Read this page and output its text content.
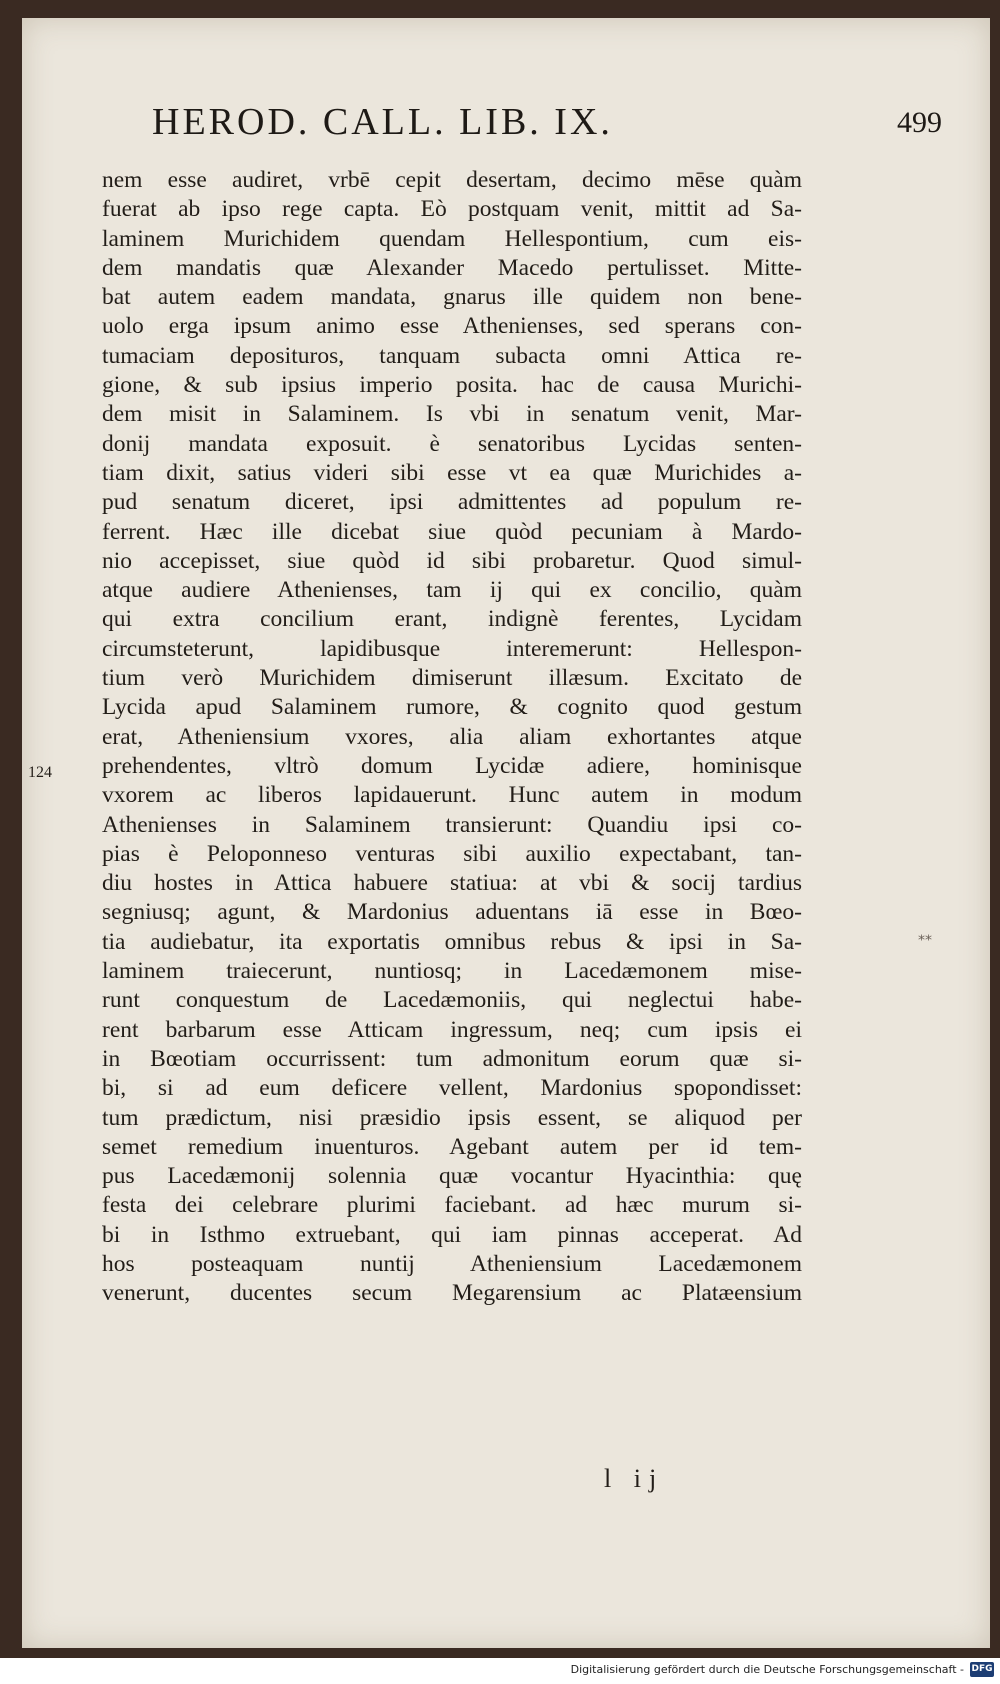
HEROD. CALL. LIB. IX.	499
124
⁎⁎
nem esse audiret, vrbē cepit desertam, decimo mēse quàm
fuerat ab ipso rege capta. Eò postquam venit, mittit ad Sa-
laminem Murichidem quendam Hellespontium, cum eis-
dem mandatis quæ Alexander Macedo pertulisset. Mitte-
bat autem eadem mandata, gnarus ille quidem non bene-
uolo erga ipsum animo esse Athenienses, sed sperans con-
tumaciam deposituros, tanquam subacta omni Attica re-
gione, & sub ipsius imperio posita. hac de causa Murichi-
dem misit in Salaminem. Is vbi in senatum venit, Mar-
donij mandata exposuit. è senatoribus Lycidas senten-
tiam dixit, satius videri sibi esse vt ea quæ Murichides a-
pud senatum diceret, ipsi admittentes ad populum re-
ferrent. Hæc ille dicebat siue quòd pecuniam à Mardo-
nio accepisset, siue quòd id sibi probaretur. Quod simul-
atque audiere Athenienses, tam ij qui ex concilio, quàm
qui extra concilium erant, indignè ferentes, Lycidam
circumsteterunt, lapidibusque interemerunt: Hellespon-
tium verò Murichidem dimiserunt illæsum. Excitato de
Lycida apud Salaminem rumore, & cognito quod gestum
erat, Atheniensium vxores, alia aliam exhortantes atque
prehendentes, vltrò domum Lycidæ adiere, hominisque
vxorem ac liberos lapidauerunt. Hunc autem in modum
Athenienses in Salaminem transierunt: Quandiu ipsi co-
pias è Peloponneso venturas sibi auxilio expectabant, tan-
diu hostes in Attica habuere statiua: at vbi & socij tardius
segniusq; agunt, & Mardonius aduentans iā esse in Bœo-
tia audiebatur, ita exportatis omnibus rebus & ipsi in Sa-
laminem traiecerunt, nuntiosq; in Lacedæmonem mise-
runt conquestum de Lacedæmoniis, qui neglectui habe-
rent barbarum esse Atticam ingressum, neq; cum ipsis ei
in Bœotiam occurrissent: tum admonitum eorum quæ si-
bi, si ad eum deficere vellent, Mardonius spopondisset:
tum prædictum, nisi præsidio ipsis essent, se aliquod per
semet remedium inuenturos. Agebant autem per id tem-
pus Lacedæmonij solennia quæ vocantur Hyacinthia: quę
festa dei celebrare plurimi faciebant. ad hæc murum si-
bi in Isthmo extruebant, qui iam pinnas acceperat. Ad
hos posteaquam nuntij Atheniensium Lacedæmonem
venerunt, ducentes secum Megarensium ac Platæensium
l ij
Digitalisierung gefördert durch die Deutsche Forschungsgemeinschaft - DFG
